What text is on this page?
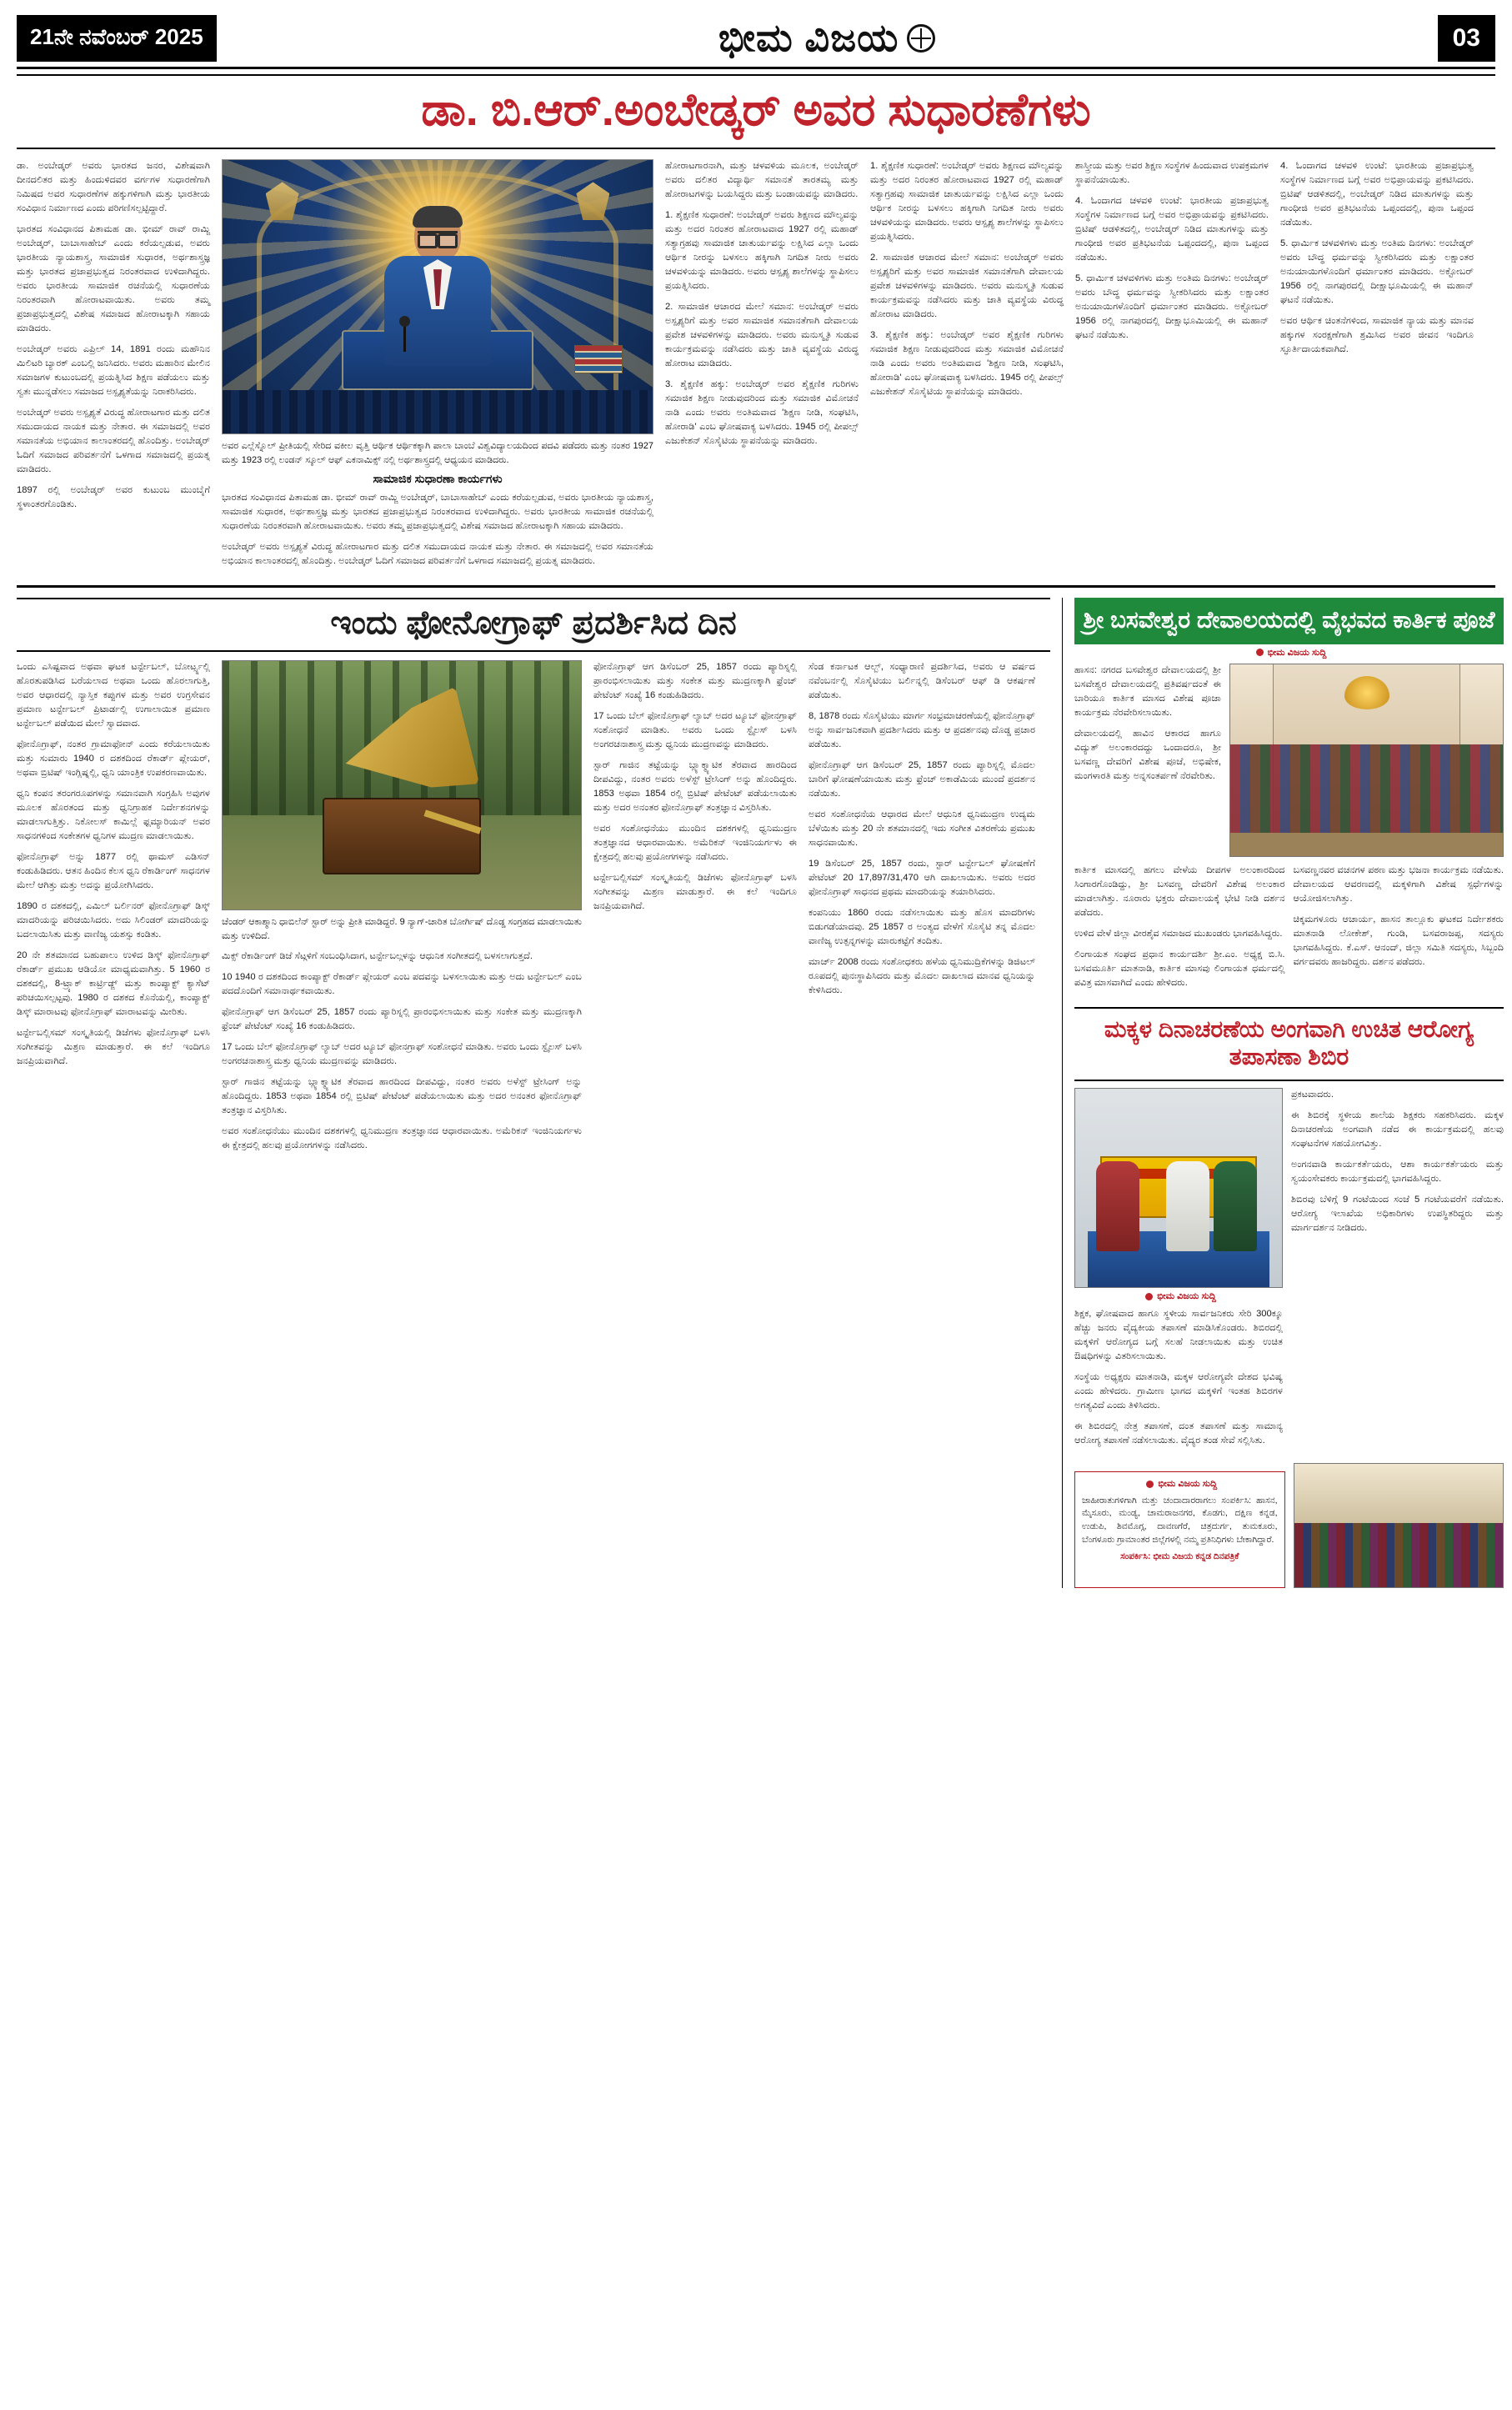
21ನೇ ನವೆಂಬರ್ 2025	ಭೀಮ ವಿಜಯ	03
ಡಾ. ಬಿ.ಆರ್.ಅಂಬೇಡ್ಕರ್ ಅವರ ಸುಧಾರಣೆಗಳು

ಡಾ. ಅಂಬೇಡ್ಕರ್ ಅವರು ಭಾರತದ ಜನರ, ವಿಶೇಷವಾಗಿ ದೀನದಲಿತರ ಮತ್ತು ಹಿಂದುಳಿದವರ ವರ್ಗಗಳ ಸುಧಾರಣೆಗಾಗಿ ನಿಮಿಷದ ಅವರ ಸುಧಾರಣೆಗಳ ಹಕ್ಕುಗಳಿಗಾಗಿ ಮತ್ತು ಭಾರತೀಯ ಸಂವಿಧಾನ ನಿರ್ಮಾಣದ ಎಂದು ಪರಿಗಣಿಸಲ್ಪಟ್ಟಿದ್ದಾರೆ.

ಭಾರತದ ಸಂವಿಧಾನದ ಪಿತಾಮಹ ಡಾ. ಭೀಮ್ ರಾವ್ ರಾಮ್ಜಿ ಅಂಬೇಡ್ಕರ್, ಬಾಬಾಸಾಹೇಬ್ ಎಂದು ಕರೆಯಲ್ಪಡುವ, ಅವರು ಭಾರತೀಯ ನ್ಯಾಯಶಾಸ್ತ್ರ, ಸಾಮಾಜಿಕ ಸುಧಾರಕ, ಅರ್ಥಶಾಸ್ತ್ರಜ್ಞ ಮತ್ತು ಭಾರತದ ಪ್ರಜಾಪ್ರಭುತ್ವದ ನಿರಂತರವಾದ ಉಳಿದಾಗಿದ್ದರು. ಅವರು ಭಾರತೀಯ ಸಾಮಾಜಿಕ ರಚನೆಯಲ್ಲಿ ಸುಧಾರಣೆಯ ನಿರಂತರವಾಗಿ ಹೋರಾಟವಾಯಿತು. ಅವರು ತಮ್ಮ ಪ್ರಜಾಪ್ರಭುತ್ವದಲ್ಲಿ ವಿಶೇಷ ಸಮಾಜದ ಹೋರಾಟಕ್ಕಾಗಿ ಸಹಾಯ ಮಾಡಿದರು.

ಅಂಬೇಡ್ಕರ್ ಅವರು ಎಪ್ರಿಲ್ 14, 1891 ರಂದು ಮಹೌನಿನ ಮಿಲಿಟರಿ ಬ್ಯಾರಕ್ ಎಂಬಲ್ಲಿ ಜನಿಸಿದರು. ಅವರು ಮಹಾರಿನ ಮೇಲಿನ ಸಮಾಜಗಳ ಕುಟುಂಬದಲ್ಲಿ ಪ್ರಯತ್ನಿಸಿದ ಶಿಕ್ಷಣ ಪಡೆಯಲು ಮತ್ತು ಸ್ವತಃ ಮುನ್ನಡೆಸಲು ಸಮಾಜದ ಅಸ್ಪೃಶ್ಯತೆಯನ್ನು ನಿರಾಕರಿಸಿದರು.

ಅಂಬೇಡ್ಕರ್ ಅವರು ಅಸ್ಪೃಶ್ಯತೆ ವಿರುದ್ಧ ಹೋರಾಟಗಾರ ಮತ್ತು ದಲಿತ ಸಮುದಾಯದ ನಾಯಕ ಮತ್ತು ನೇತಾರ. ಈ ಸಮಾಜದಲ್ಲಿ ಅವರ ಸಮಾನತೆಯ ಅಭಿಯಾನ ಕಾಲಾಂತರದಲ್ಲಿ ಹೊಂದಿತ್ತು. ಅಂಬೇಡ್ಕರ್ ಓದಿಗೆ ಸಮಾಜದ ಪರಿವರ್ತನೆಗೆ ಒಳಗಾದ ಸಮಾಜದಲ್ಲಿ ಪ್ರಯತ್ನ ಮಾಡಿದರು.

1897 ರಲ್ಲಿ ಅಂಬೇಡ್ಕರ್ ಅವರ ಕುಟುಂಬ ಮುಂಬೈಗೆ ಸ್ಥಳಾಂತರಗೊಂಡಿತು.

ಅವರ ಎಲ್ಲೆಸ್ನೊಲ್ ಪ್ರೀತಿಯಲ್ಲಿ ಸೇರಿದ ವಕೀಲ ವೃತ್ತಿ ಆರ್ಥಿಕ ಆರ್ಥಿಕಕ್ಕಾಗಿ ಪಾಲಾ ಬಾಂಬೆ ವಿಶ್ವವಿದ್ಯಾಲಯದಿಂದ ಪದವಿ ಪಡೆದರು ಮತ್ತು ನಂತರ 1927 ಮತ್ತು 1923 ರಲ್ಲಿ ಲಂಡನ್ ಸ್ಕೂಲ್ ಆಫ್ ಎಕನಾಮಿಕ್ಸ್ ನಲ್ಲಿ ಅರ್ಥಶಾಸ್ತ್ರದಲ್ಲಿ ಆಧ್ಯಯನ ಮಾಡಿದರು.
ಸಾಮಾಜಿಕ ಸುಧಾರಣಾ ಕಾರ್ಯಗಳು

ಭಾರತದ ಸಂವಿಧಾನದ ಪಿತಾಮಹ ಡಾ. ಭೀಮ್ ರಾವ್ ರಾಮ್ಜಿ ಅಂಬೇಡ್ಕರ್, ಬಾಬಾಸಾಹೇಬ್ ಎಂದು ಕರೆಯಲ್ಪಡುವ, ಅವರು ಭಾರತೀಯ ನ್ಯಾಯಶಾಸ್ತ್ರ, ಸಾಮಾಜಿಕ ಸುಧಾರಕ, ಅರ್ಥಶಾಸ್ತ್ರಜ್ಞ ಮತ್ತು ಭಾರತದ ಪ್ರಜಾಪ್ರಭುತ್ವದ ನಿರಂತರವಾದ ಉಳಿದಾಗಿದ್ದರು. ಅವರು ಭಾರತೀಯ ಸಾಮಾಜಿಕ ರಚನೆಯಲ್ಲಿ ಸುಧಾರಣೆಯ ನಿರಂತರವಾಗಿ ಹೋರಾಟವಾಯಿತು. ಅವರು ತಮ್ಮ ಪ್ರಜಾಪ್ರಭುತ್ವದಲ್ಲಿ ವಿಶೇಷ ಸಮಾಜದ ಹೋರಾಟಕ್ಕಾಗಿ ಸಹಾಯ ಮಾಡಿದರು.

ಅಂಬೇಡ್ಕರ್ ಅವರು ಅಸ್ಪೃಶ್ಯತೆ ವಿರುದ್ಧ ಹೋರಾಟಗಾರ ಮತ್ತು ದಲಿತ ಸಮುದಾಯದ ನಾಯಕ ಮತ್ತು ನೇತಾರ. ಈ ಸಮಾಜದಲ್ಲಿ ಅವರ ಸಮಾನತೆಯ ಅಭಿಯಾನ ಕಾಲಾಂತರದಲ್ಲಿ ಹೊಂದಿತ್ತು. ಅಂಬೇಡ್ಕರ್ ಓದಿಗೆ ಸಮಾಜದ ಪರಿವರ್ತನೆಗೆ ಒಳಗಾದ ಸಮಾಜದಲ್ಲಿ ಪ್ರಯತ್ನ ಮಾಡಿದರು.

ಹೋರಾಟಗಾರನಾಗಿ, ಮತ್ತು ಚಳವಳಿಯ ಮೂಲಕ, ಅಂಬೇಡ್ಕರ್ ಅವರು ದಲಿತರ ವಿದ್ಯಾರ್ಥಿ ಸಮಾನತೆ ತಾರತಮ್ಯ ಮತ್ತು ಹೋರಾಟಗಳನ್ನು ಬಯಸಿದ್ದರು ಮತ್ತು ಬಂಡಾಯವನ್ನು ಮಾಡಿದರು.

1. ಶೈಕ್ಷಣಿಕ ಸುಧಾರಣೆ: ಅಂಬೇಡ್ಕರ್ ಅವರು ಶಿಕ್ಷಣದ ಮೌಲ್ಯವನ್ನು ಮತ್ತು ಅದರ ನಿರಂತರ ಹೋರಾಟವಾದ 1927 ರಲ್ಲಿ ಮಹಾಡ್ ಸತ್ಯಾಗ್ರಹವು ಸಾಮಾಜಿಕ ಚಾತುರ್ಯವನ್ನು ಲಕ್ಷಿಸಿದ ಎಲ್ಲಾ ಒಂದು ಆರ್ಥಿಕ ನೀರನ್ನು ಬಳಸಲು ಹಕ್ಕಿಗಾಗಿ ನಿಗದಿತ ನೀರು ಅವರು ಚಳವಳಿಯನ್ನು ಮಾಡಿದರು. ಅವರು ಆಸ್ಪೃಶ್ಯ ಶಾಲೆಗಳನ್ನು ಸ್ಥಾಪಿಸಲು ಪ್ರಯತ್ನಿಸಿದರು.

2. ಸಾಮಾಜಿಕ ಆಚಾರದ ಮೇಲೆ ಸಮಾನ: ಅಂಬೇಡ್ಕರ್ ಅವರು ಅಸ್ಪೃಶ್ಯರಿಗೆ ಮತ್ತು ಅವರ ಸಾಮಾಜಿಕ ಸಮಾನತೆಗಾಗಿ ದೇವಾಲಯ ಪ್ರವೇಶ ಚಳವಳಿಗಳನ್ನು ಮಾಡಿದರು. ಅವರು ಮನುಸ್ಮೃತಿ ಸುಡುವ ಕಾರ್ಯಕ್ರಮವನ್ನು ನಡೆಸಿದರು ಮತ್ತು ಜಾತಿ ವ್ಯವಸ್ಥೆಯ ವಿರುದ್ಧ ಹೋರಾಟ ಮಾಡಿದರು.

3. ಶೈಕ್ಷಣಿಕ ಹಕ್ಕು: ಅಂಬೇಡ್ಕರ್ ಅವರ ಶೈಕ್ಷಣಿಕ ಗುರಿಗಳು ಸಮಾಜಿಕ ಶಿಕ್ಷಣ ನೀಡುವುದರಿಂದ ಮತ್ತು ಸಮಾಜಿಕ ವಿಮೋಚನೆ ನಾಡಿ ಎಂದು ಅವರು ಅಂತಿಮವಾದ 'ಶಿಕ್ಷಣ ನೀಡಿ, ಸಂಘಟಿಸಿ, ಹೋರಾಡಿ' ಎಂಬ ಘೋಷವಾಕ್ಯ ಬಳಸಿದರು. 1945 ರಲ್ಲಿ ಪೀಪಲ್ಸ್ ಎಜುಕೇಶನ್ ಸೊಸೈಟಿಯ ಸ್ಥಾಪನೆಯನ್ನು ಮಾಡಿದರು.

1. ಶೈಕ್ಷಣಿಕ ಸುಧಾರಣೆ: ಅಂಬೇಡ್ಕರ್ ಅವರು ಶಿಕ್ಷಣದ ಮೌಲ್ಯವನ್ನು ಮತ್ತು ಅದರ ನಿರಂತರ ಹೋರಾಟವಾದ 1927 ರಲ್ಲಿ ಮಹಾಡ್ ಸತ್ಯಾಗ್ರಹವು ಸಾಮಾಜಿಕ ಚಾತುರ್ಯವನ್ನು ಲಕ್ಷಿಸಿದ ಎಲ್ಲಾ ಒಂದು ಆರ್ಥಿಕ ನೀರನ್ನು ಬಳಸಲು ಹಕ್ಕಿಗಾಗಿ ನಿಗದಿತ ನೀರು ಅವರು ಚಳವಳಿಯನ್ನು ಮಾಡಿದರು. ಅವರು ಆಸ್ಪೃಶ್ಯ ಶಾಲೆಗಳನ್ನು ಸ್ಥಾಪಿಸಲು ಪ್ರಯತ್ನಿಸಿದರು.

2. ಸಾಮಾಜಿಕ ಆಚಾರದ ಮೇಲೆ ಸಮಾನ: ಅಂಬೇಡ್ಕರ್ ಅವರು ಅಸ್ಪೃಶ್ಯರಿಗೆ ಮತ್ತು ಅವರ ಸಾಮಾಜಿಕ ಸಮಾನತೆಗಾಗಿ ದೇವಾಲಯ ಪ್ರವೇಶ ಚಳವಳಿಗಳನ್ನು ಮಾಡಿದರು. ಅವರು ಮನುಸ್ಮೃತಿ ಸುಡುವ ಕಾರ್ಯಕ್ರಮವನ್ನು ನಡೆಸಿದರು ಮತ್ತು ಜಾತಿ ವ್ಯವಸ್ಥೆಯ ವಿರುದ್ಧ ಹೋರಾಟ ಮಾಡಿದರು.

3. ಶೈಕ್ಷಣಿಕ ಹಕ್ಕು: ಅಂಬೇಡ್ಕರ್ ಅವರ ಶೈಕ್ಷಣಿಕ ಗುರಿಗಳು ಸಮಾಜಿಕ ಶಿಕ್ಷಣ ನೀಡುವುದರಿಂದ ಮತ್ತು ಸಮಾಜಿಕ ವಿಮೋಚನೆ ನಾಡಿ ಎಂದು ಅವರು ಅಂತಿಮವಾದ 'ಶಿಕ್ಷಣ ನೀಡಿ, ಸಂಘಟಿಸಿ, ಹೋರಾಡಿ' ಎಂಬ ಘೋಷವಾಕ್ಯ ಬಳಸಿದರು. 1945 ರಲ್ಲಿ ಪೀಪಲ್ಸ್ ಎಜುಕೇಶನ್ ಸೊಸೈಟಿಯ ಸ್ಥಾಪನೆಯನ್ನು ಮಾಡಿದರು.

ಶಾಸ್ತ್ರೀಯ ಮತ್ತು ಅವರ ಶಿಕ್ಷಣ ಸಂಸ್ಥೆಗಳ ಹಿಂದುವಾದ ಉಪಕ್ರಮಗಳ ಸ್ಥಾಪನೆಯಾಯಿತು.

4. ಓಂದಾಗದ ಚಳವಳಿ ಉಂಟೆ: ಭಾರತೀಯ ಪ್ರಜಾಪ್ರಭುತ್ವ ಸಂಸ್ಥೆಗಳ ನಿರ್ಮಾಣದ ಬಗ್ಗೆ ಅವರ ಅಭಿಪ್ರಾಯವನ್ನು ಪ್ರಕಟಿಸಿದರು. ಬ್ರಿಟಿಷ್ ಆಡಳಿತದಲ್ಲಿ, ಅಂಬೇಡ್ಕರ್ ನಿಡಿದ ಮಾತುಗಳನ್ನು ಮತ್ತು ಗಾಂಧೀಜಿ ಅವರ ಪ್ರತಿಭಟನೆಯ ಒಪ್ಪಂದದಲ್ಲಿ, ಪುನಾ ಒಪ್ಪಂದ ನಡೆಯಿತು.

5. ಧಾರ್ಮಿಕ ಚಳವಳಿಗಳು ಮತ್ತು ಅಂತಿಮ ದಿನಗಳು: ಅಂಬೇಡ್ಕರ್ ಅವರು ಬೌದ್ಧ ಧರ್ಮವನ್ನು ಸ್ವೀಕರಿಸಿದರು ಮತ್ತು ಲಕ್ಷಾಂತರ ಅನುಯಾಯಿಗಳೊಂದಿಗೆ ಧರ್ಮಾಂತರ ಮಾಡಿದರು. ಅಕ್ಟೋಬರ್ 1956 ರಲ್ಲಿ ನಾಗಪುರದಲ್ಲಿ ದೀಕ್ಷಾಭೂಮಿಯಲ್ಲಿ ಈ ಮಹಾನ್ ಘಟನೆ ನಡೆಯಿತು.

4. ಓಂದಾಗದ ಚಳವಳಿ ಉಂಟೆ: ಭಾರತೀಯ ಪ್ರಜಾಪ್ರಭುತ್ವ ಸಂಸ್ಥೆಗಳ ನಿರ್ಮಾಣದ ಬಗ್ಗೆ ಅವರ ಅಭಿಪ್ರಾಯವನ್ನು ಪ್ರಕಟಿಸಿದರು. ಬ್ರಿಟಿಷ್ ಆಡಳಿತದಲ್ಲಿ, ಅಂಬೇಡ್ಕರ್ ನಿಡಿದ ಮಾತುಗಳನ್ನು ಮತ್ತು ಗಾಂಧೀಜಿ ಅವರ ಪ್ರತಿಭಟನೆಯ ಒಪ್ಪಂದದಲ್ಲಿ, ಪುನಾ ಒಪ್ಪಂದ ನಡೆಯಿತು.

5. ಧಾರ್ಮಿಕ ಚಳವಳಿಗಳು ಮತ್ತು ಅಂತಿಮ ದಿನಗಳು: ಅಂಬೇಡ್ಕರ್ ಅವರು ಬೌದ್ಧ ಧರ್ಮವನ್ನು ಸ್ವೀಕರಿಸಿದರು ಮತ್ತು ಲಕ್ಷಾಂತರ ಅನುಯಾಯಿಗಳೊಂದಿಗೆ ಧರ್ಮಾಂತರ ಮಾಡಿದರು. ಅಕ್ಟೋಬರ್ 1956 ರಲ್ಲಿ ನಾಗಪುರದಲ್ಲಿ ದೀಕ್ಷಾಭೂಮಿಯಲ್ಲಿ ಈ ಮಹಾನ್ ಘಟನೆ ನಡೆಯಿತು.

ಅವರ ಆರ್ಥಿಕ ಚಿಂತನೆಗಳಿಂದ, ಸಾಮಾಜಿಕ ನ್ಯಾಯ ಮತ್ತು ಮಾನವ ಹಕ್ಕುಗಳ ಸಂರಕ್ಷಣೆಗಾಗಿ ಶ್ರಮಿಸಿದ ಅವರ ಜೀವನ ಇಂದಿಗೂ ಸ್ಫೂರ್ತಿದಾಯಕವಾಗಿದೆ.

ಇಂದು ಫೋನೋಗ್ರಾಫ್ ಪ್ರದರ್ಶಿಸಿದ ದಿನ

ಒಂದು ಎಸಿಷ್ಟವಾದ ಅಥವಾ ಘಟಕ ಟರ್ನ್ಟೇಬಲ್, ಬೋರ್ಟ್ಸ್ನಲ್ಲಿ ಹೊರತುಪಡಿಸಿದ ಬರೆಯಲಾದ ಅಥವಾ ಒಂದು ಹೊರಲಾಗುತ್ತಿ, ಅವರ ಆಧಾರದಲ್ಲಿ ನ್ಯಾಸ್ತಿಕ ಕಪ್ಪುಗಳ ಮತ್ತು ಅವರ ಉಗ್ರಸೇವನ ಪ್ರಮಾಣ ಟರ್ನ್ಟೇಬಲ್ ಪ್ರಿಟಾರ್ಡಲ್ಲಿ ಉಗಾಲಾಯಿತ ಪ್ರಮಾಣ ಟರ್ನ್ಟೇಬಲ್ ಪಡೆಯಿದ ಮೇಲೆ ಸ್ವಾದವಾದ.

ಫೋನೊಗ್ರಾಫ್, ನಂತರ ಗ್ರಾಮಾಫೋನ್ ಎಂದು ಕರೆಯಲಾಯಿತು ಮತ್ತು ಸುಮಾರು 1940 ರ ದಶಕದಿಂದ ರೆಕಾರ್ಡ್ ಪ್ಲೇಯರ್, ಅಥವಾ ಬ್ರಿಟಿಷ್ ಇಂಗ್ಲಿಷ್ನಲ್ಲಿ, ಧ್ವನಿ ಯಾಂತ್ರಿಕ ಉಪಕರಣವಾಯಿತು.

ಧ್ವನಿ ಕಂಪನ ತರಂಗರೂಪಗಳನ್ನು ಸಮಾನವಾಗಿ ಸಂಗ್ರಹಿಸಿ ಅವುಗಳ ಮೂಲಕ ಹೊರತಂದ ಮತ್ತು ಧ್ವನಿಗ್ರಾಹಕ ನಿರ್ದೇಶನಗಳನ್ನು ಮಾಡಲಾಗುತ್ತಿತ್ತು. ನಿಕೋಲಸ್ ಕಾಮಿಲ್ಲೆ ಫ್ಲಮ್ಯಾರಿಯನ್ ಅವರ ಸಾಧನಗಳಿಂದ ಸಂಕೇತಗಳ ಧ್ವನಿಗಳ ಮುದ್ರಣ ಮಾಡಲಾಯಿತು.

ಫೋನೊಗ್ರಾಫ್ ಅನ್ನು 1877 ರಲ್ಲಿ ಥಾಮಸ್ ಎಡಿಸನ್ ಕಂಡುಹಿಡಿದರು. ಆತನ ಹಿಂದಿನ ಕೆಲಸ ಧ್ವನಿ ರೆಕಾರ್ಡಿಂಗ್ ಸಾಧನಗಳ ಮೇಲೆ ಆಗಿತ್ತು ಮತ್ತು ಅದನ್ನು ಪ್ರಯೋಗಿಸಿದರು.

1890 ರ ದಶಕದಲ್ಲಿ, ಎಮಿಲ್ ಬರ್ಲಿನರ್ ಫೋನೊಗ್ರಾಫ್ ಡಿಸ್ಕ್ ಮಾದರಿಯನ್ನು ಪರಿಚಯಿಸಿದರು. ಅದು ಸಿಲಿಂಡರ್ ಮಾದರಿಯನ್ನು ಬದಲಾಯಿಸಿತು ಮತ್ತು ವಾಣಿಜ್ಯ ಯಶಸ್ಸು ಕಂಡಿತು.

20 ನೇ ಶತಮಾನದ ಬಹುಪಾಲು ಉಳಿದ ಡಿಸ್ಕ್ ಫೋನೊಗ್ರಾಫ್ ರೆಕಾರ್ಡ್ ಪ್ರಮುಖ ಆಡಿಯೋ ಮಾಧ್ಯಮವಾಗಿತ್ತು. 5 1960 ರ ದಶಕದಲ್ಲಿ, 8-ಟ್ರ್ಯಾಕ್ ಕಾರ್ಟ್ರಿಡ್ಜ್ ಮತ್ತು ಕಾಂಪ್ಯಾಕ್ಟ್ ಕ್ಯಾಸೆಟ್ ಪರಿಚಯಿಸಲ್ಪಟ್ಟವು. 1980 ರ ದಶಕದ ಕೊನೆಯಲ್ಲಿ, ಕಾಂಪ್ಯಾಕ್ಟ್ ಡಿಸ್ಕ್ ಮಾರಾಟವು ಫೋನೊಗ್ರಾಫ್ ಮಾರಾಟವನ್ನು ಮೀರಿತು.

ಟರ್ನ್ಟೇಬಲ್ಲಿಸಮ್ ಸಂಸ್ಕೃತಿಯಲ್ಲಿ ಡಿಜೆಗಳು ಫೋನೊಗ್ರಾಫ್ ಬಳಸಿ ಸಂಗೀತವನ್ನು ಮಿಶ್ರಣ ಮಾಡುತ್ತಾರೆ. ಈ ಕಲೆ ಇಂದಿಗೂ ಜನಪ್ರಿಯವಾಗಿದೆ.

ಚೆಂಡರ್ ಆಕಾಶ್ಮಾನಿ ಧಾಬಿಲೆನ್ ಸ್ಟಾರ್ ಅನ್ನು ಪ್ರೀತಿ ಮಾಡಿದ್ದರೆ. 9 ನ್ಯಾಗ್-ಚಾರಿತ ಬೋರ್ಗಿಷ್ ದೊಡ್ಡ ಸಂಗ್ರಹದ ಮಾಡಲಾಯಿತು ಮತ್ತು ಉಳಿದಿದೆ.

ಮಿಕ್ಸ್ ರೆಕಾರ್ಡಿಂಗ್ ಡಿಜೆ ಸೆಟ್ಗಳಿಗೆ ಸಂಬಂಧಿಸಿದಾಗ, ಟರ್ನ್ಟೇಬಲ್ಗಳನ್ನು ಆಧುನಿಕ ಸಂಗೀತದಲ್ಲಿ ಬಳಸಲಾಗುತ್ತದೆ.

10 1940 ರ ದಶಕದಿಂದ ಕಾಂಪ್ಯಾಕ್ಟ್ ರೆಕಾರ್ಡ್ ಪ್ಲೇಯರ್ ಎಂಬ ಪದವನ್ನು ಬಳಸಲಾಯಿತು ಮತ್ತು ಅದು ಟರ್ನ್ಟೇಬಲ್ ಎಂಬ ಪದದೊಂದಿಗೆ ಸಮಾನಾರ್ಥಕವಾಯಿತು.

ಫೋನೊಗ್ರಾಫ್ ಆಗ ಡಿಸೆಂಬರ್ 25, 1857 ರಂದು ಪ್ಯಾರಿಸ್ನಲ್ಲಿ ಪ್ರಾರಂಭಿಸಲಾಯಿತು ಮತ್ತು ಸಂಕೇತ ಮತ್ತು ಮುದ್ರಣಕ್ಕಾಗಿ ಫ್ರೆಂಚ್ ಪೇಟೆಂಟ್ ಸಂಖ್ಯೆ 16 ಕಂಡುಹಿಡಿದರು.

17 ಒಂದು ಬೆಲ್ ಫೋನೊಗ್ರಾಫ್ ಲ್ಯಾಬ್ ಅದರ ಟ್ಯೂಬ್ ಫೋನಗ್ರಾಫ್ ಸಂಶೋಧನೆ ಮಾಡಿತು. ಅವರು ಒಂದು ಸ್ಟೈಲಸ್ ಬಳಸಿ ಅಂಗರಚನಾಶಾಸ್ತ್ರ ಮತ್ತು ಧ್ವನಿಯ ಮುದ್ರಣವನ್ನು ಮಾಡಿದರು.

ಸ್ಟಾರ್ ಗಾಜಿನ ತಟ್ಟೆಯನ್ನು ಬ್ಲ್ಯಾಕ್ಮ್ಯಾಟಿಕ ತೆರವಾದ ಹಾರದಿಂದ ದೀಪವಿದ್ದು, ನಂತರ ಅವರು ಅಳೆಸ್ಟ್ ಟ್ರೇಸಿಂಗ್ ಅನ್ನು ಹೊಂದಿದ್ದರು. 1853 ಅಥವಾ 1854 ರಲ್ಲಿ ಬ್ರಿಟಿಷ್ ಪೇಟೆಂಟ್ ಪಡೆಯಲಾಯಿತು ಮತ್ತು ಅದರ ಅನಂತರ ಫೋನೊಗ್ರಾಫ್ ತಂತ್ರಜ್ಞಾನ ವಿಸ್ತರಿಸಿತು.

ಅವರ ಸಂಶೋಧನೆಯು ಮುಂದಿನ ದಶಕಗಳಲ್ಲಿ ಧ್ವನಿಮುದ್ರಣ ತಂತ್ರಜ್ಞಾನದ ಆಧಾರವಾಯಿತು. ಅಮೆರಿಕನ್ ಇಂಜಿನಿಯರ್ಗಳು ಈ ಕ್ಷೇತ್ರದಲ್ಲಿ ಹಲವು ಪ್ರಯೋಗಗಳನ್ನು ನಡೆಸಿದರು.

ಫೋನೊಗ್ರಾಫ್ ಆಗ ಡಿಸೆಂಬರ್ 25, 1857 ರಂದು ಪ್ಯಾರಿಸ್ನಲ್ಲಿ ಪ್ರಾರಂಭಿಸಲಾಯಿತು ಮತ್ತು ಸಂಕೇತ ಮತ್ತು ಮುದ್ರಣಕ್ಕಾಗಿ ಫ್ರೆಂಚ್ ಪೇಟೆಂಟ್ ಸಂಖ್ಯೆ 16 ಕಂಡುಹಿಡಿದರು.

17 ಒಂದು ಬೆಲ್ ಫೋನೊಗ್ರಾಫ್ ಲ್ಯಾಬ್ ಅದರ ಟ್ಯೂಬ್ ಫೋನಗ್ರಾಫ್ ಸಂಶೋಧನೆ ಮಾಡಿತು. ಅವರು ಒಂದು ಸ್ಟೈಲಸ್ ಬಳಸಿ ಅಂಗರಚನಾಶಾಸ್ತ್ರ ಮತ್ತು ಧ್ವನಿಯ ಮುದ್ರಣವನ್ನು ಮಾಡಿದರು.

ಸ್ಟಾರ್ ಗಾಜಿನ ತಟ್ಟೆಯನ್ನು ಬ್ಲ್ಯಾಕ್ಮ್ಯಾಟಿಕ ತೆರವಾದ ಹಾರದಿಂದ ದೀಪವಿದ್ದು, ನಂತರ ಅವರು ಅಳೆಸ್ಟ್ ಟ್ರೇಸಿಂಗ್ ಅನ್ನು ಹೊಂದಿದ್ದರು. 1853 ಅಥವಾ 1854 ರಲ್ಲಿ ಬ್ರಿಟಿಷ್ ಪೇಟೆಂಟ್ ಪಡೆಯಲಾಯಿತು ಮತ್ತು ಅದರ ಅನಂತರ ಫೋನೊಗ್ರಾಫ್ ತಂತ್ರಜ್ಞಾನ ವಿಸ್ತರಿಸಿತು.

ಅವರ ಸಂಶೋಧನೆಯು ಮುಂದಿನ ದಶಕಗಳಲ್ಲಿ ಧ್ವನಿಮುದ್ರಣ ತಂತ್ರಜ್ಞಾನದ ಆಧಾರವಾಯಿತು. ಅಮೆರಿಕನ್ ಇಂಜಿನಿಯರ್ಗಳು ಈ ಕ್ಷೇತ್ರದಲ್ಲಿ ಹಲವು ಪ್ರಯೋಗಗಳನ್ನು ನಡೆಸಿದರು.

ಟರ್ನ್ಟೇಬಲ್ಲಿಸಮ್ ಸಂಸ್ಕೃತಿಯಲ್ಲಿ ಡಿಜೆಗಳು ಫೋನೊಗ್ರಾಫ್ ಬಳಸಿ ಸಂಗೀತವನ್ನು ಮಿಶ್ರಣ ಮಾಡುತ್ತಾರೆ. ಈ ಕಲೆ ಇಂದಿಗೂ ಜನಪ್ರಿಯವಾಗಿದೆ.

ಸೆಂಡ ಕರ್ನಾಟಕ ಆಲ್ಬ್, ಸಂಧ್ಯಾರಾಣಿ ಪ್ರದರ್ಶಿಸಿದ, ಅವರು ಆ ವರ್ಷದ ನವೆಂಬರ್ನಲ್ಲಿ ಸೊಸೈಟಿಯು ಬರ್ಲಿನ್ನಲ್ಲಿ ಡಿಸೆಂಬರ್ ಆಫ್ ಡಿ ಆಕರ್ಷಣೆ ಪಡೆಯಿತು.

8, 1878 ರಂದು ಸೊಸೈಟಿಯು ಮಾರ್ಗ ಸಂಭ್ರಮಾಚರಣೆಯಲ್ಲಿ ಫೋನೊಗ್ರಾಫ್ ಅನ್ನು ಸಾರ್ವಜನಿಕವಾಗಿ ಪ್ರದರ್ಶಿಸಿದರು ಮತ್ತು ಆ ಪ್ರದರ್ಶನವು ದೊಡ್ಡ ಪ್ರಚಾರ ಪಡೆಯಿತು.

ಫೋನೊಗ್ರಾಫ್ ಆಗ ಡಿಸೆಂಬರ್ 25, 1857 ರಂದು ಪ್ಯಾರಿಸ್ನಲ್ಲಿ ಮೊದಲ ಬಾರಿಗೆ ಘೋಷಣೆಯಾಯಿತು ಮತ್ತು ಫ್ರೆಂಚ್ ಅಕಾಡೆಮಿಯ ಮುಂದೆ ಪ್ರದರ್ಶನ ನಡೆಯಿತು.

ಅವರ ಸಂಶೋಧನೆಯ ಆಧಾರದ ಮೇಲೆ ಆಧುನಿಕ ಧ್ವನಿಮುದ್ರಣ ಉದ್ಯಮ ಬೆಳೆಯಿತು ಮತ್ತು 20 ನೇ ಶತಮಾನದಲ್ಲಿ ಇದು ಸಂಗೀತ ವಿತರಣೆಯ ಪ್ರಮುಖ ಸಾಧನವಾಯಿತು.

19 ಡಿಸೆಂಬರ್ 25, 1857 ರಂದು, ಸ್ಟಾರ್ ಟರ್ನ್ಟೇಬಲ್ ಘೋಷಣೆಗೆ ಪೇಟೆಂಟ್ 20 17,897/31,470 ಆಗಿ ದಾಖಲಾಯಿತು. ಅವರು ಅದರ ಫೋನೊಗ್ರಾಫ್ ಸಾಧನದ ಪ್ರಥಮ ಮಾದರಿಯನ್ನು ತಯಾರಿಸಿದರು.

ಕಂಪನಿಯು 1860 ರಂದು ನಡೆಸಲಾಯಿತು ಮತ್ತು ಹೊಸ ಮಾದರಿಗಳು ಬಿಡುಗಡೆಯಾದವು. 25 1857 ರ ಅಂತ್ಯದ ವೇಳೆಗೆ ಸೊಸೈಟಿ ತನ್ನ ಮೊದಲ ವಾಣಿಜ್ಯ ಉತ್ಪನ್ನಗಳನ್ನು ಮಾರುಕಟ್ಟೆಗೆ ತಂದಿತು.

ಮಾರ್ಚ್ 2008 ರಂದು ಸಂಶೋಧಕರು ಹಳೆಯ ಧ್ವನಿಮುದ್ರಿಕೆಗಳನ್ನು ಡಿಜಿಟಲ್ ರೂಪದಲ್ಲಿ ಪುನಃಸ್ಥಾಪಿಸಿದರು ಮತ್ತು ಮೊದಲ ದಾಖಲಾದ ಮಾನವ ಧ್ವನಿಯನ್ನು ಕೇಳಿಸಿದರು.

ಶ್ರೀ ಬಸವೇಶ್ವರ ದೇವಾಲಯದಲ್ಲಿ ವೈಭವದ ಕಾರ್ತಿಕ ಪೂಜೆ
ಭೀಮ ವಿಜಯ ಸುದ್ದಿ

ಹಾಸನ: ನಗರದ ಬಸವೇಶ್ವರ ದೇವಾಲಯದಲ್ಲಿ ಶ್ರೀ ಬಸವೇಶ್ವರ ದೇವಾಲಯದಲ್ಲಿ ಪ್ರತಿವರ್ಷದಂತೆ ಈ ಬಾರಿಯೂ ಕಾರ್ತಿಕ ಮಾಸದ ವಿಶೇಷ ಪೂಜಾ ಕಾರ್ಯಕ್ರಮ ನೆರವೇರಿಸಲಾಯಿತು.

ದೇವಾಲಯದಲ್ಲಿ ಹಾವಿನ ಆಕಾರದ ಹಾಗೂ ವಿದ್ಯುತ್ ಅಲಂಕಾರದದ್ದು ಒಂದಾದರೂ, ಶ್ರೀ ಬಸವಣ್ಣ ದೇವರಿಗೆ ವಿಶೇಷ ಪೂಜೆ, ಅಭಿಷೇಕ, ಮಂಗಳಾರತಿ ಮತ್ತು ಅನ್ನಸಂತರ್ಪಣೆ ನೆರವೇರಿತು.

ಕಾರ್ತಿಕ ಮಾಸದಲ್ಲಿ ಹಗಲು ವೇಳೆಯ ದೀಪಗಳ ಅಲಂಕಾರದಿಂದ ಸಿಂಗಾರಗೊಂಡಿದ್ದು, ಶ್ರೀ ಬಸವಣ್ಣ ದೇವರಿಗೆ ವಿಶೇಷ ಅಲಂಕಾರ ಮಾಡಲಾಗಿತ್ತು. ನೂರಾರು ಭಕ್ತರು ದೇವಾಲಯಕ್ಕೆ ಭೇಟಿ ನೀಡಿ ದರ್ಶನ ಪಡೆದರು.

ಉಳಿದ ವೇಳೆ ಜಿಲ್ಲಾ ವೀರಶೈವ ಸಮಾಜದ ಮುಖಂಡರು ಭಾಗವಹಿಸಿದ್ದರು.

ಲಿಂಗಾಯತ ಸಂಘದ ಪ್ರಧಾನ ಕಾರ್ಯದರ್ಶಿ ಶ್ರೀ.ಎಂ. ಅಧ್ಯಕ್ಷ ಬಿ.ಸಿ. ಬಸವಮೂರ್ತಿ ಮಾತನಾಡಿ, ಕಾರ್ತಿಕ ಮಾಸವು ಲಿಂಗಾಯತ ಧರ್ಮದಲ್ಲಿ ಪವಿತ್ರ ಮಾಸವಾಗಿದೆ ಎಂದು ಹೇಳಿದರು.

ಬಸವಣ್ಣನವರ ವಚನಗಳ ಪಠಣ ಮತ್ತು ಭಜನಾ ಕಾರ್ಯಕ್ರಮ ನಡೆಯಿತು. ದೇವಾಲಯದ ಆವರಣದಲ್ಲಿ ಮಕ್ಕಳಿಗಾಗಿ ವಿಶೇಷ ಸ್ಪರ್ಧೆಗಳನ್ನು ಆಯೋಜಿಸಲಾಗಿತ್ತು.

ಚಿಕ್ಕಮಗಳೂರು ಆಚಾರ್ಯ, ಹಾಸನ ತಾಲ್ಲೂಕು ಘಟಕದ ನಿರ್ದೇಶಕರು ಮಾತನಾಡಿ ಲೋಕೇಶ್, ಗುಂಡಿ, ಬಸವರಾಜಪ್ಪ, ಸದಸ್ಯರು ಭಾಗವಹಿಸಿದ್ದರು. ಕೆ.ಎಸ್. ಆನಂದ್, ಜಿಲ್ಲಾ ಸಮಿತಿ ಸದಸ್ಯರು, ಸಿಬ್ಬಂದಿ ವರ್ಗದವರು ಹಾಜರಿದ್ದರು. ದರ್ಶನ ಪಡೆದರು.

ಮಕ್ಕಳ ದಿನಾಚರಣೆಯ ಅಂಗವಾಗಿ ಉಚಿತ ಆರೋಗ್ಯ ತಪಾಸಣಾ ಶಿಬಿರ
ಭೀಮ ವಿಜಯ ಸುದ್ದಿ

ಶಿಕ್ಷಕ, ಘೋಷವಾದ ಹಾಗೂ ಸ್ಥಳೀಯ ಸಾರ್ವಜನಿಕರು ಸೇರಿ 300ಕ್ಕೂ ಹೆಚ್ಚು ಜನರು ವೈದ್ಯಕೀಯ ತಪಾಸಣೆ ಮಾಡಿಸಿಕೊಂಡರು. ಶಿಬಿರದಲ್ಲಿ ಮಕ್ಕಳಿಗೆ ಆರೋಗ್ಯದ ಬಗ್ಗೆ ಸಲಹೆ ನೀಡಲಾಯಿತು ಮತ್ತು ಉಚಿತ ಔಷಧಿಗಳನ್ನು ವಿತರಿಸಲಾಯಿತು.

ಸಂಸ್ಥೆಯ ಅಧ್ಯಕ್ಷರು ಮಾತನಾಡಿ, ಮಕ್ಕಳ ಆರೋಗ್ಯವೇ ದೇಶದ ಭವಿಷ್ಯ ಎಂದು ಹೇಳಿದರು. ಗ್ರಾಮೀಣ ಭಾಗದ ಮಕ್ಕಳಿಗೆ ಇಂತಹ ಶಿಬಿರಗಳ ಅಗತ್ಯವಿದೆ ಎಂದು ತಿಳಿಸಿದರು.

ಈ ಶಿಬಿರದಲ್ಲಿ ನೇತ್ರ ತಪಾಸಣೆ, ದಂತ ತಪಾಸಣೆ ಮತ್ತು ಸಾಮಾನ್ಯ ಆರೋಗ್ಯ ತಪಾಸಣೆ ನಡೆಸಲಾಯಿತು. ವೈದ್ಯರ ತಂಡ ಸೇವೆ ಸಲ್ಲಿಸಿತು.

ಪ್ರಕಟವಾದರು.

ಈ ಶಿಬಿರಕ್ಕೆ ಸ್ಥಳೀಯ ಶಾಲೆಯ ಶಿಕ್ಷಕರು ಸಹಕರಿಸಿದರು. ಮಕ್ಕಳ ದಿನಾಚರಣೆಯ ಅಂಗವಾಗಿ ನಡೆದ ಈ ಕಾರ್ಯಕ್ರಮದಲ್ಲಿ ಹಲವು ಸಂಘಟನೆಗಳ ಸಹಯೋಗವಿತ್ತು.

ಅಂಗನವಾಡಿ ಕಾರ್ಯಕರ್ತೆಯರು, ಆಶಾ ಕಾರ್ಯಕರ್ತೆಯರು ಮತ್ತು ಸ್ವಯಂಸೇವಕರು ಕಾರ್ಯಕ್ರಮದಲ್ಲಿ ಭಾಗವಹಿಸಿದ್ದರು.

ಶಿಬಿರವು ಬೆಳಿಗ್ಗೆ 9 ಗಂಟೆಯಿಂದ ಸಂಜೆ 5 ಗಂಟೆಯವರೆಗೆ ನಡೆಯಿತು. ಆರೋಗ್ಯ ಇಲಾಖೆಯ ಅಧಿಕಾರಿಗಳು ಉಪಸ್ಥಿತರಿದ್ದರು ಮತ್ತು ಮಾರ್ಗದರ್ಶನ ನೀಡಿದರು.

ಭೀಮ ವಿಜಯ ಸುದ್ದಿ
ಜಾಹೀರಾತುಗಳಿಗಾಗಿ ಮತ್ತು ಚಂದಾದಾರರಾಗಲು ಸಂಪರ್ಕಿಸಿ: ಹಾಸನ, ಮೈಸೂರು, ಮಂಡ್ಯ, ಚಾಮರಾಜನಗರ, ಕೊಡಗು, ದಕ್ಷಿಣ ಕನ್ನಡ, ಉಡುಪಿ, ಶಿವಮೊಗ್ಗ, ದಾವಣಗೆರೆ, ಚಿತ್ರದುರ್ಗ, ತುಮಕೂರು, ಬೆಂಗಳೂರು ಗ್ರಾಮಾಂತರ ಜಿಲ್ಲೆಗಳಲ್ಲಿ ನಮ್ಮ ಪ್ರತಿನಿಧಿಗಳು ಬೇಕಾಗಿದ್ದಾರೆ.
ಸಂಪರ್ಕಿಸಿ: ಭೀಮ ವಿಜಯ ಕನ್ನಡ ದಿನಪತ್ರಿಕೆ
